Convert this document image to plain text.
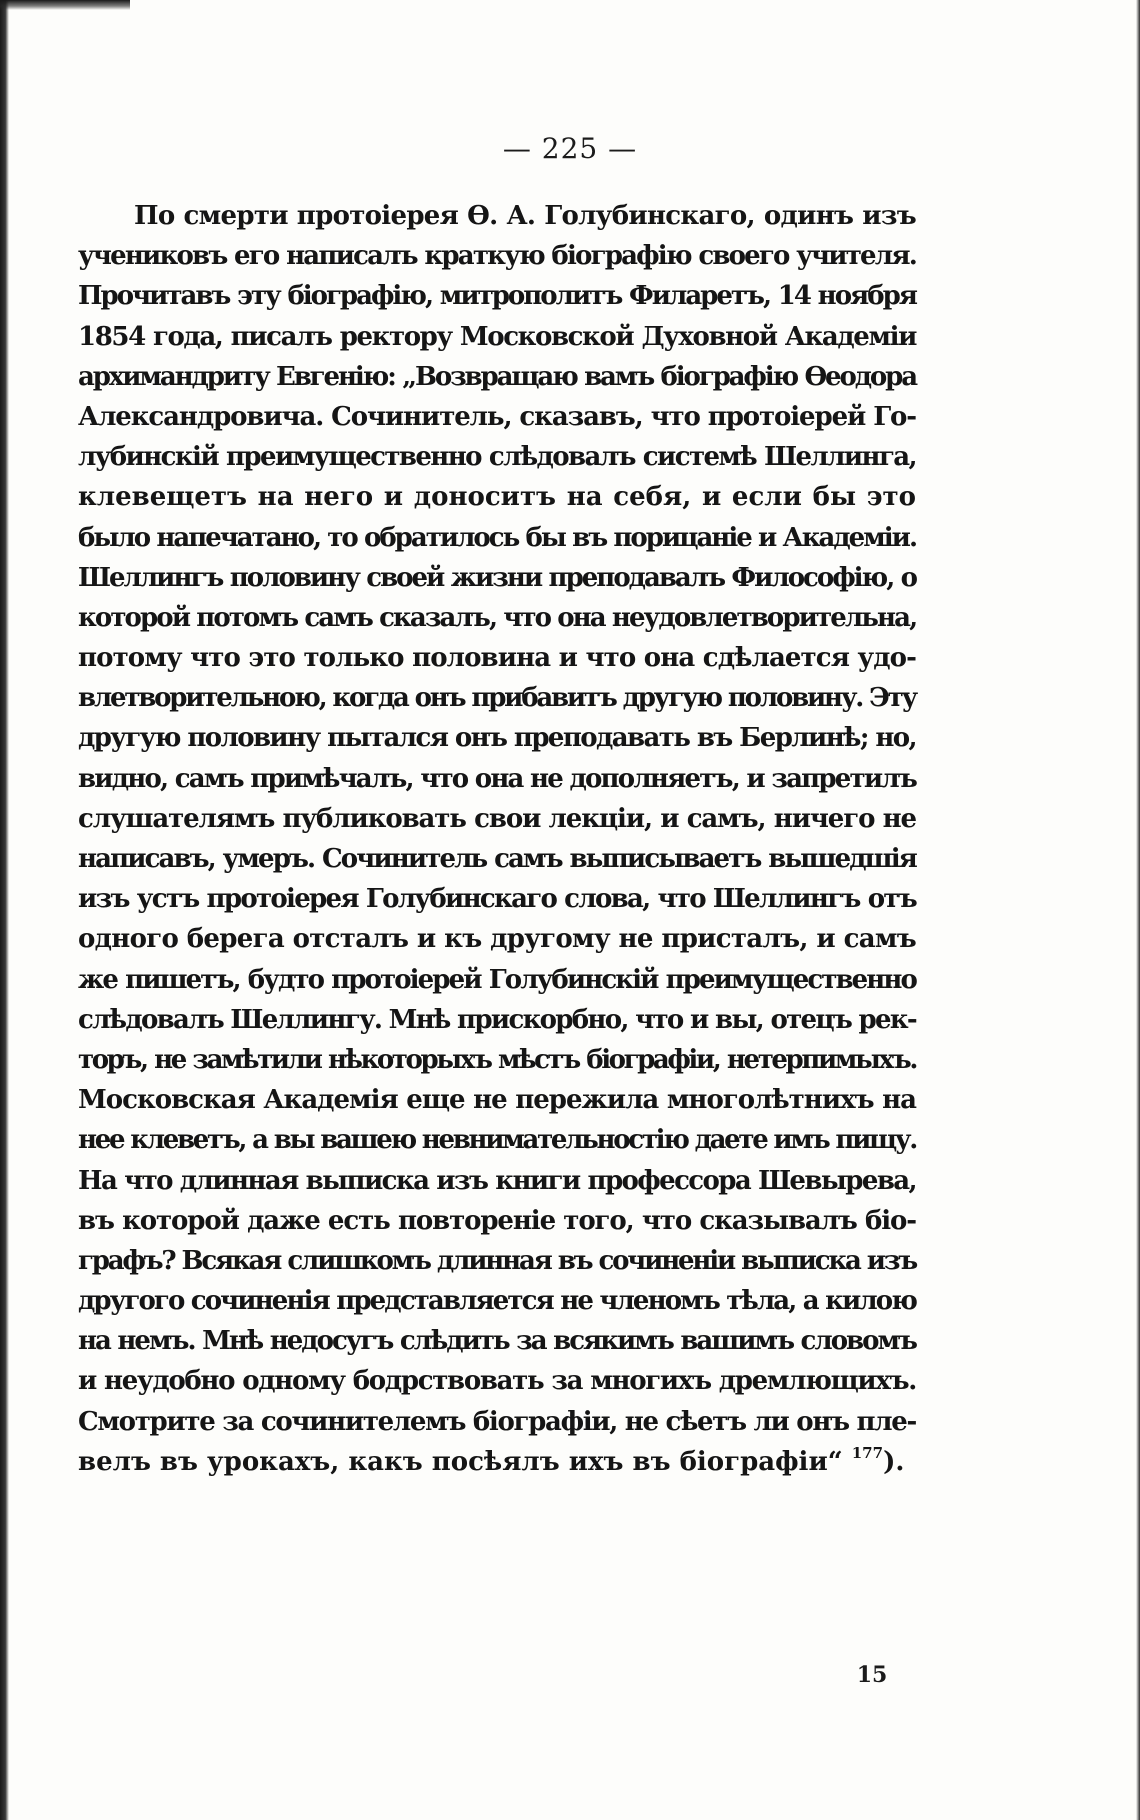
— 225 —
По смерти протоіерея Ѳ. А. Голубинскаго, одинъ изъ
учениковъ его написалъ краткую біографію своего учителя.
Прочитавъ эту біографію, митрополитъ Филаретъ, 14 ноября
1854 года, писалъ ректору Московской Духовной Академіи
архимандриту Евгенію: „Возвращаю вамъ біографію Ѳеодора
Александровича. Сочинитель, сказавъ, что протоіерей Го-
лубинскій преимущественно слѣдовалъ системѣ Шеллинга,
клевещетъ на него и доноситъ на себя, и если бы это
было напечатано, то обратилось бы въ порицаніе и Академіи.
Шеллингъ половину своей жизни преподавалъ Философію, о
которой потомъ самъ сказалъ, что она неудовлетворительна,
потому что это только половина и что она сдѣлается удо-
влетворительною, когда онъ прибавитъ другую половину. Эту
другую половину пытался онъ преподавать въ Берлинѣ; но,
видно, самъ примѣчалъ, что она не дополняетъ, и запретилъ
слушателямъ публиковать свои лекціи, и самъ, ничего не
написавъ, умеръ. Сочинитель самъ выписываетъ вышедшія
изъ устъ протоіерея Голубинскаго слова, что Шеллингъ отъ
одного берега отсталъ и къ другому не присталъ, и самъ
же пишетъ, будто протоіерей Голубинскій преимущественно
слѣдовалъ Шеллингу. Мнѣ прискорбно, что и вы, отецъ рек-
торъ, не замѣтили нѣкоторыхъ мѣстъ біографіи, нетерпимыхъ.
Московская Академія еще не пережила многолѣтнихъ на
нее клеветъ, а вы вашею невнимательностію даете имъ пищу.
На что длинная выписка изъ книги профессора Шевырева,
въ которой даже есть повтореніе того, что сказывалъ біо-
графъ? Всякая слишкомъ длинная въ сочиненіи выписка изъ
другого сочиненія представляется не членомъ тѣла, а килою
на немъ. Мнѣ недосугъ слѣдить за всякимъ вашимъ словомъ
и неудобно одному бодрствовать за многихъ дремлющихъ.
Смотрите за сочинителемъ біографіи, не сѣетъ ли онъ пле-
велъ въ урокахъ, какъ посѣялъ ихъ въ біографіи“ $^{177}$).
15
